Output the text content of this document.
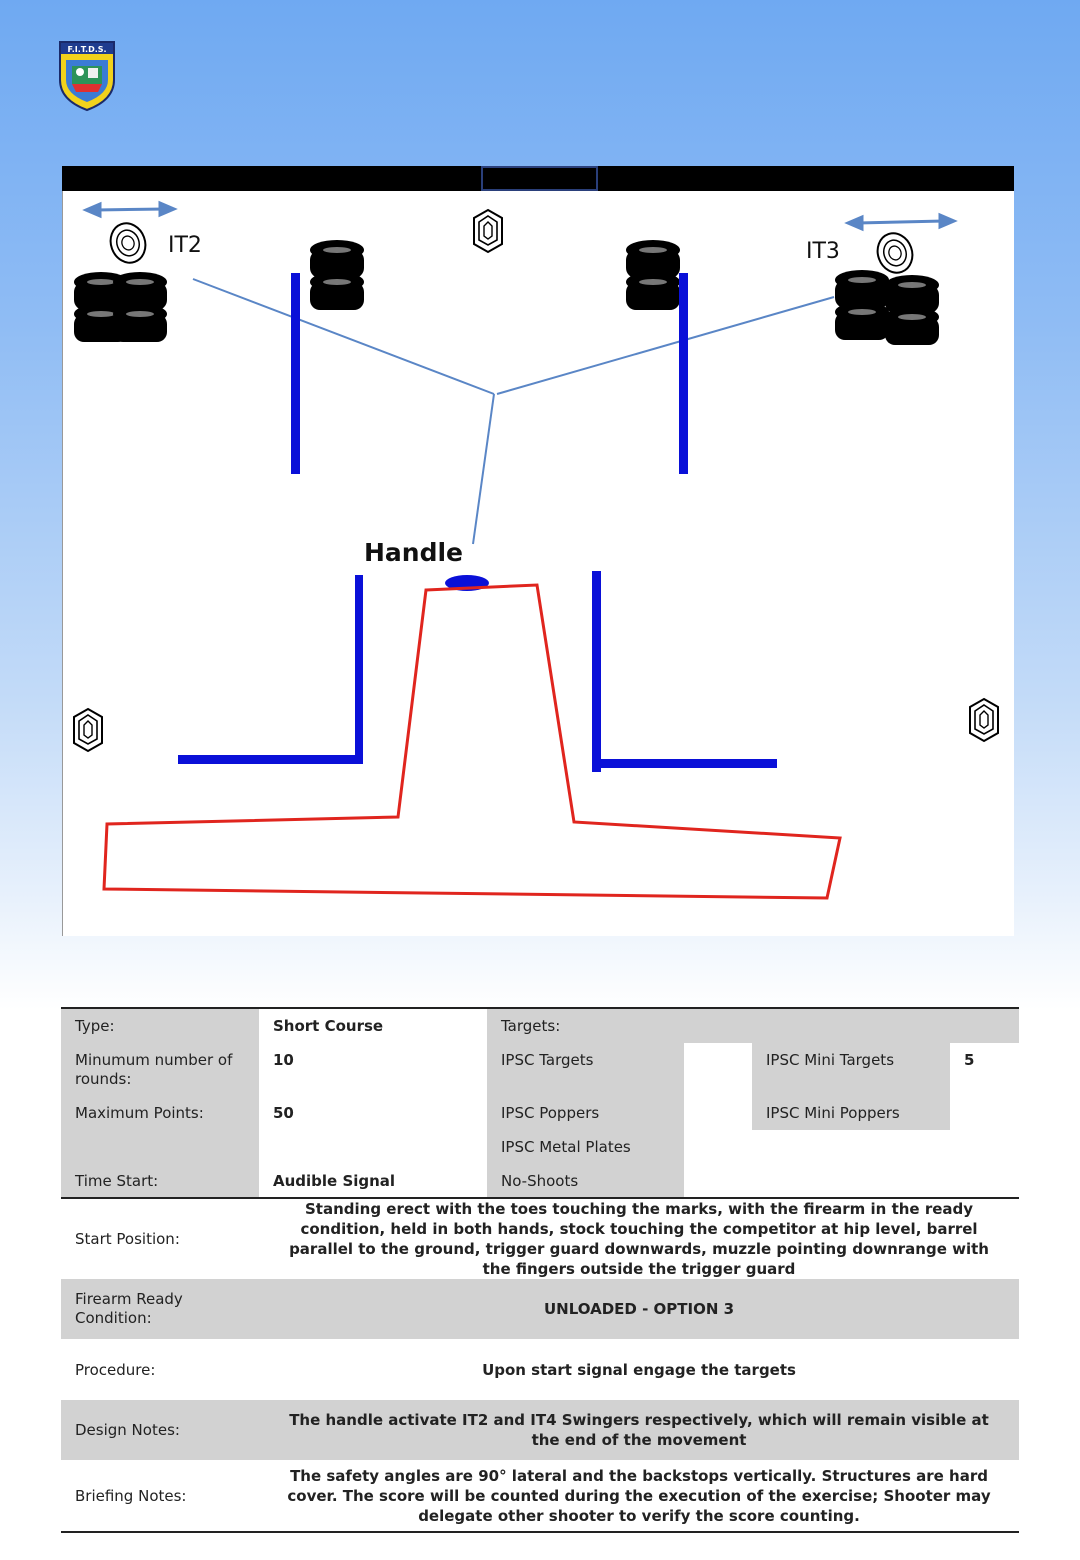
F.I.T.D.S.
IT2	IT3
Handle
Type:	Short Course	Targets:			
Minumum number of rounds:	10	IPSC Targets		IPSC Mini Targets	5
Maximum Points:	50	IPSC Poppers		IPSC Mini Poppers	
		IPSC Metal Plates			
Time Start:	Audible Signal	No-Shoots			
Start Position:	Standing erect with the toes touching the marks, with the firearm in the ready condition, held in both hands, stock touching the competitor at hip level, barrel parallel to the ground, trigger guard downwards, muzzle pointing downrange with the fingers outside the trigger guard				
Firearm Ready Condition:	UNLOADED - OPTION 3				
Procedure:	Upon start signal engage the targets				
Design Notes:	The handle activate IT2 and IT4 Swingers respectively, which will remain visible at the end of the movement				
Briefing Notes:	The safety angles are 90° lateral and the backstops vertically. Structures are hard cover. The score will be counted during the execution of the exercise; Shooter may delegate other shooter to verify the score counting.				
